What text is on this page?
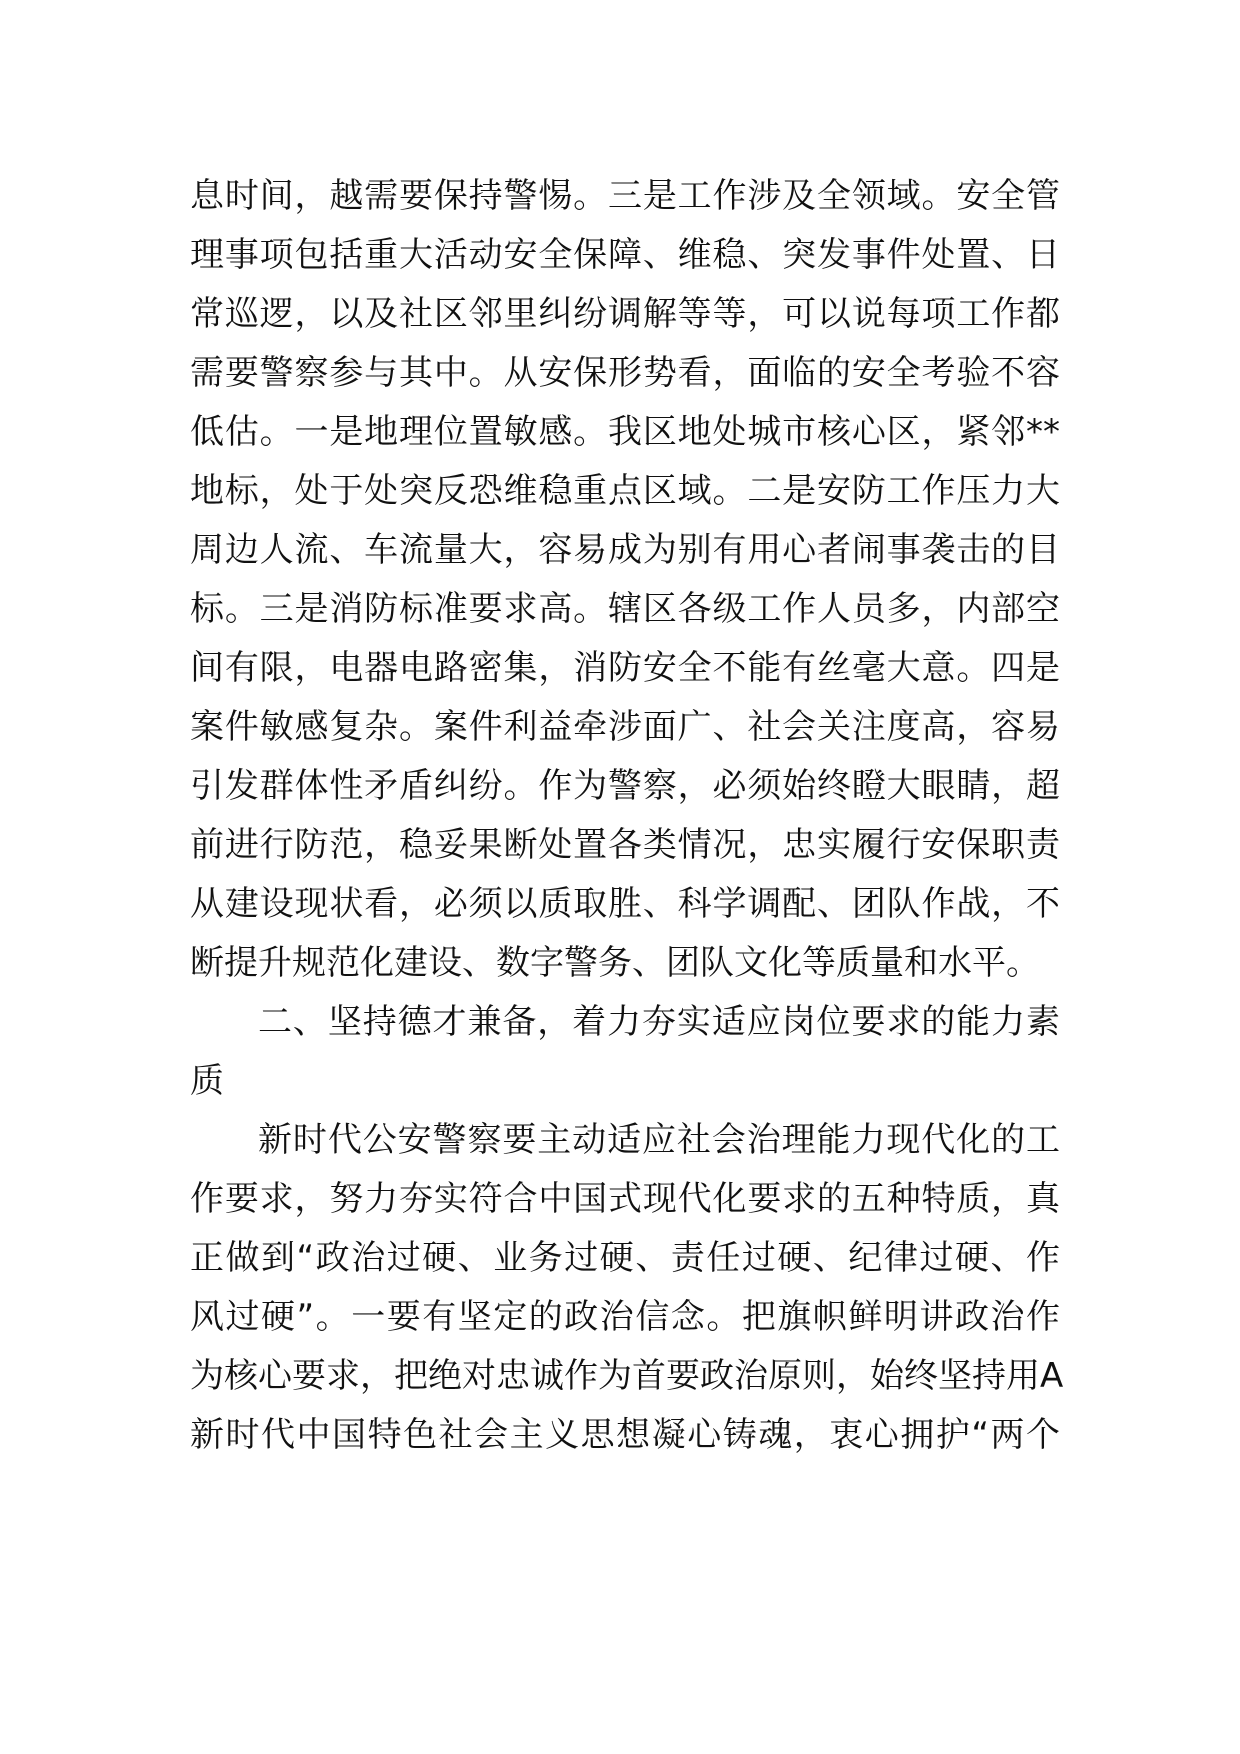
息时间，越需要保持警惕。三是工作涉及全领域。安全管
理事项包括重大活动安全保障、维稳、突发事件处置、日
常巡逻，以及社区邻里纠纷调解等等，可以说每项工作都
需要警察参与其中。从安保形势看，面临的安全考验不容
低估。一是地理位置敏感。我区地处城市核心区，紧邻**
地标，处于处突反恐维稳重点区域。二是安防工作压力大
周边人流、车流量大，容易成为别有用心者闹事袭击的目
标。三是消防标准要求高。辖区各级工作人员多，内部空
间有限，电器电路密集，消防安全不能有丝毫大意。四是
案件敏感复杂。案件利益牵涉面广、社会关注度高，容易
引发群体性矛盾纠纷。作为警察，必须始终瞪大眼睛，超
前进行防范，稳妥果断处置各类情况，忠实履行安保职责
从建设现状看，必须以质取胜、科学调配、团队作战，不
断提升规范化建设、数字警务、团队文化等质量和水平。
二、坚持德才兼备，着力夯实适应岗位要求的能力素
质
新时代公安警察要主动适应社会治理能力现代化的工
作要求，努力夯实符合中国式现代化要求的五种特质，真
正做到“政治过硬、业务过硬、责任过硬、纪律过硬、作
风过硬”。一要有坚定的政治信念。把旗帜鲜明讲政治作
为核心要求，把绝对忠诚作为首要政治原则，始终坚持用A
新时代中国特色社会主义思想凝心铸魂，衷心拥护“两个
